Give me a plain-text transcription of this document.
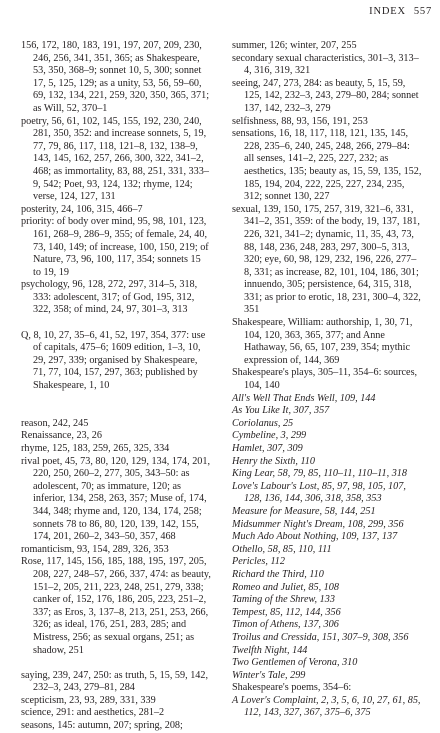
INDEX 557

156, 172, 180, 183, 191, 197, 207, 209, 230, 246, 256, 341, 351, 365; as Shakespeare, 53, 350, 368–9; sonnet 10, 5, 300; sonnet 17, 5, 125, 129; as a unity, 53, 56, 59–60, 69, 132, 134, 221, 259, 320, 350, 365, 371; as Will, 52, 370–1

poetry, 56, 61, 102, 145, 155, 192, 230, 240, 281, 350, 352: and increase sonnets, 5, 19, 77, 79, 86, 117, 118, 121–8, 132, 138–9, 143, 145, 162, 257, 266, 300, 322, 341–2, 468; as immortality, 83, 88, 251, 331, 333–9, 542; Poet, 93, 124, 132; rhyme, 124; verse, 124, 127, 131

posterity, 24, 106, 315, 466–7

priority: of body over mind, 95, 98, 101, 123, 161, 268–9, 286–9, 355; of female, 24, 40, 73, 140, 149; of increase, 100, 150, 219; of Nature, 73, 96, 100, 117, 354; sonnets 15 to 19, 19

psychology, 96, 128, 272, 297, 314–5, 318, 333: adolescent, 317; of God, 195, 312, 322, 358; of mind, 24, 97, 301–3, 313

Q, 8, 10, 27, 35–6, 41, 52, 197, 354, 377: use of capitals, 475–6; 1609 edition, 1–3, 10, 29, 297, 339; organised by Shakespeare, 71, 77, 104, 157, 297, 363; published by Shakespeare, 1, 10

reason, 242, 245

Renaissance, 23, 26

rhyme, 125, 183, 259, 265, 325, 334

rival poet, 45, 73, 80, 120, 129, 134, 174, 201, 220, 250, 260–2, 277, 305, 343–50: as adolescent, 70; as immature, 120; as inferior, 134, 258, 263, 357; Muse of, 174, 344, 348; rhyme and, 120, 134, 174, 258; sonnets 78 to 86, 80, 120, 139, 142, 155, 174, 201, 260–2, 343–50, 357, 468

romanticism, 93, 154, 289, 326, 353

Rose, 117, 145, 156, 185, 188, 195, 197, 205, 208, 227, 248–57, 266, 337, 474: as beauty, 151–2, 205, 211, 223, 248, 251, 279, 338; canker of, 152, 176, 186, 205, 223, 251–2, 337; as Eros, 3, 137–8, 213, 251, 253, 266, 326; as ideal, 176, 251, 283, 285; and Mistress, 256; as sexual organs, 251; as shadow, 251

saying, 239, 247, 250: as truth, 5, 15, 59, 142, 232–3, 243, 279–81, 284

scepticism, 23, 93, 289, 331, 339

science, 291: and aesthetics, 281–2

seasons, 145: autumn, 207; spring, 208;

summer, 126; winter, 207, 255

secondary sexual characteristics, 301–3, 313–4, 316, 319, 321

seeing, 247, 273, 284: as beauty, 5, 15, 59, 125, 142, 232–3, 243, 279–80, 284; sonnet 137, 142, 232–3, 279

selfishness, 88, 93, 156, 191, 253

sensations, 16, 18, 117, 118, 121, 135, 145, 228, 235–6, 240, 245, 248, 266, 279–84: all senses, 141–2, 225, 227, 232; as aesthetics, 135; beauty as, 15, 59, 135, 152, 185, 194, 204, 222, 225, 227, 234, 235, 312; sonnet 130, 227

sexual, 139, 150, 175, 257, 319, 321–6, 331, 341–2, 351, 359: of the body, 19, 137, 181, 226, 321, 341–2; dynamic, 11, 35, 43, 73, 88, 148, 236, 248, 283, 297, 300–5, 313, 320; eye, 60, 98, 129, 232, 196, 226, 277–8, 331; as increase, 82, 101, 104, 186, 301; innuendo, 305; persistence, 64, 315, 318, 331; as prior to erotic, 18, 231, 300–4, 322, 351

Shakespeare, William: authorship, 1, 30, 71, 104, 120, 363, 365, 377; and Anne Hathaway, 56, 65, 107, 239, 354; mythic expression of, 144, 369

Shakespeare's plays, 305–11, 354–6: sources, 104, 140

All's Well That Ends Well, 109, 144

As You Like It, 307, 357

Coriolanus, 25

Cymbeline, 3, 299

Hamlet, 307, 309

Henry the Sixth, 110

King Lear, 58, 79, 85, 110–11, 110–11, 318

Love's Labour's Lost, 85, 97, 98, 105, 107, 128, 136, 144, 306, 318, 358, 353

Measure for Measure, 58, 144, 251

Midsummer Night's Dream, 108, 299, 356

Much Ado About Nothing, 109, 137, 137

Othello, 58, 85, 110, 111

Pericles, 112

Richard the Third, 110

Romeo and Juliet, 85, 108

Taming of the Shrew, 133

Tempest, 85, 112, 144, 356

Timon of Athens, 137, 306

Troilus and Cressida, 151, 307–9, 308, 356

Twelfth Night, 144

Two Gentlemen of Verona, 310

Winter's Tale, 299

Shakespeare's poems, 354–6:

A Lover's Complaint, 2, 3, 5, 6, 10, 27, 61, 85, 112, 143, 327, 367, 375–6, 375
